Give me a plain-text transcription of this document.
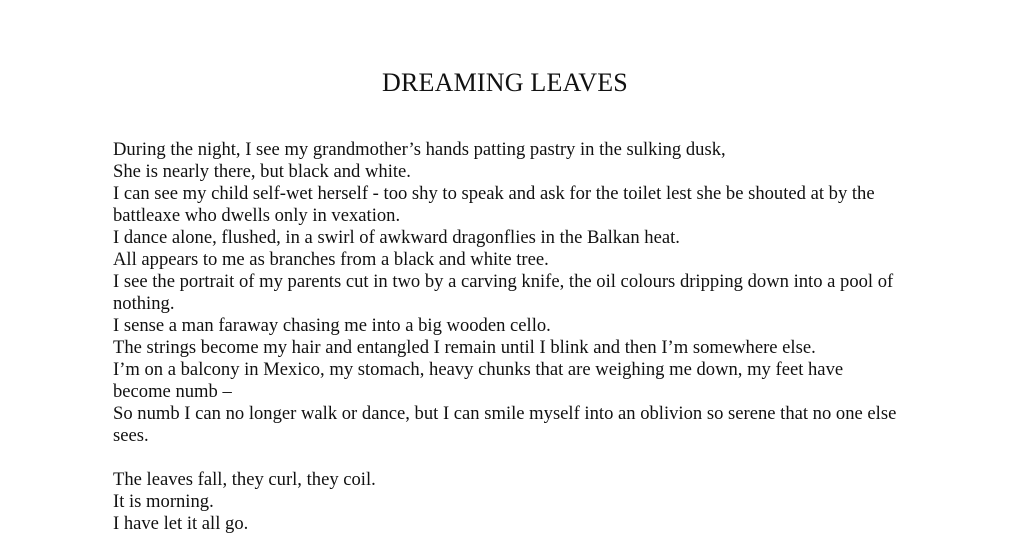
DREAMING LEAVES
During the night, I see my grandmother’s hands patting pastry in the sulking dusk,
She is nearly there, but black and white.
I can see my child self-wet herself - too shy to speak and ask for the toilet lest she be shouted at by the battleaxe who dwells only in vexation.
I dance alone, flushed, in a swirl of awkward dragonflies in the Balkan heat.
All appears to me as branches from a black and white tree.
I see the portrait of my parents cut in two by a carving knife, the oil colours dripping down into a pool of nothing.
I sense a man faraway chasing me into a big wooden cello.
The strings become my hair and entangled I remain until I blink and then I’m somewhere else.
I’m on a balcony in Mexico, my stomach, heavy chunks that are weighing me down, my feet have become numb –
So numb I can no longer walk or dance, but I can smile myself into an oblivion so serene that no one else sees.
The leaves fall, they curl, they coil.
It is morning.
I have let it all go.
